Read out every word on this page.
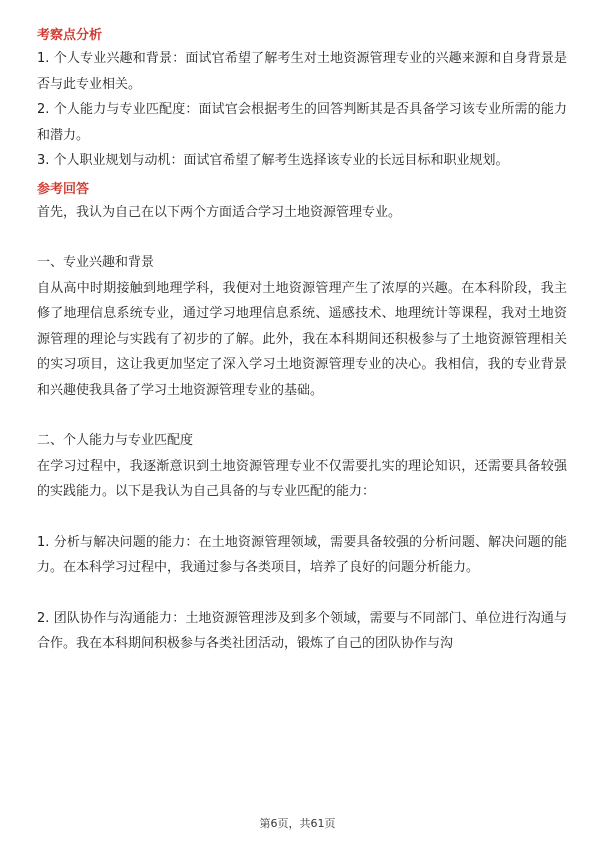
考察点分析

1. 个人专业兴趣和背景：面试官希望了解考生对土地资源管理专业的兴趣来源和自身背景是否与此专业相关。

2. 个人能力与专业匹配度：面试官会根据考生的回答判断其是否具备学习该专业所需的能力和潜力。

3. 个人职业规划与动机：面试官希望了解考生选择该专业的长远目标和职业规划。

参考回答

首先，我认为自己在以下两个方面适合学习土地资源管理专业。

一、专业兴趣和背景

自从高中时期接触到地理学科，我便对土地资源管理产生了浓厚的兴趣。在本科阶段，我主修了地理信息系统专业，通过学习地理信息系统、遥感技术、地理统计等课程，我对土地资源管理的理论与实践有了初步的了解。此外，我在本科期间还积极参与了土地资源管理相关的实习项目，这让我更加坚定了深入学习土地资源管理专业的决心。我相信，我的专业背景和兴趣使我具备了学习土地资源管理专业的基础。

二、个人能力与专业匹配度

在学习过程中，我逐渐意识到土地资源管理专业不仅需要扎实的理论知识，还需要具备较强的实践能力。以下是我认为自己具备的与专业匹配的能力：

1. 分析与解决问题的能力：在土地资源管理领域，需要具备较强的分析问题、解决问题的能力。在本科学习过程中，我通过参与各类项目，培养了良好的问题分析能力。

2. 团队协作与沟通能力：土地资源管理涉及到多个领域，需要与不同部门、单位进行沟通与合作。我在本科期间积极参与各类社团活动，锻炼了自己的团队协作与沟

第6页，共61页
